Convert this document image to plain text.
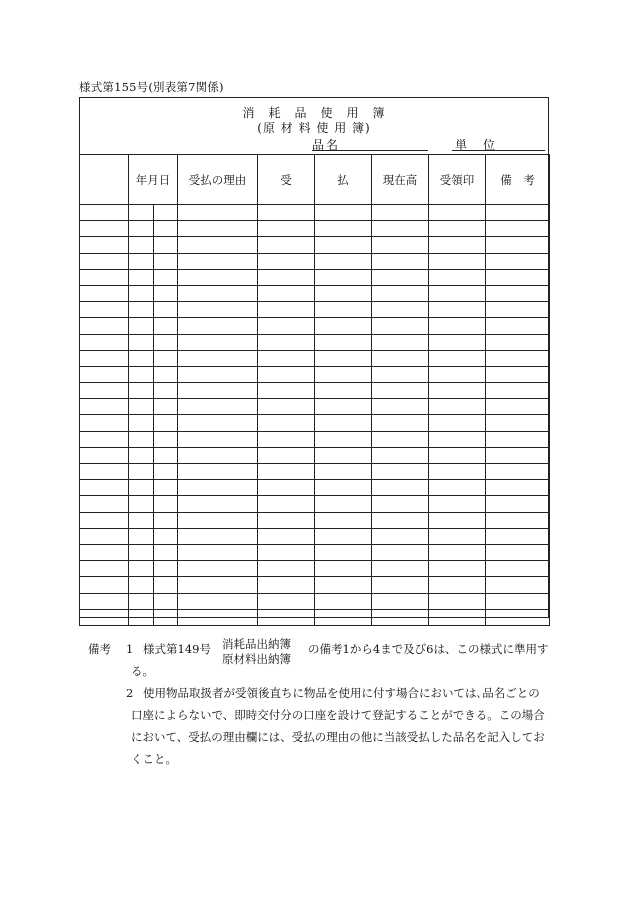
様式第155号(別表第7関係)
消　耗　品　使　用　簿
(原 材 料 使 用 簿)
品名	単　位
	年月日		受払の理由	受	払	現在高	受領印	備　考

備考 1 様式第149号 消耗品出納簿
原材料出納簿
の備考1から4まで及び6は、この様式に準用す
る。
2 使用物品取扱者が受領後直ちに物品を使用に付す場合においては､品名ごとの
口座によらないで、即時交付分の口座を設けて登記することができる。この場合
において、受払の理由欄には、受払の理由の他に当該受払した品名を記入してお
くこと。
